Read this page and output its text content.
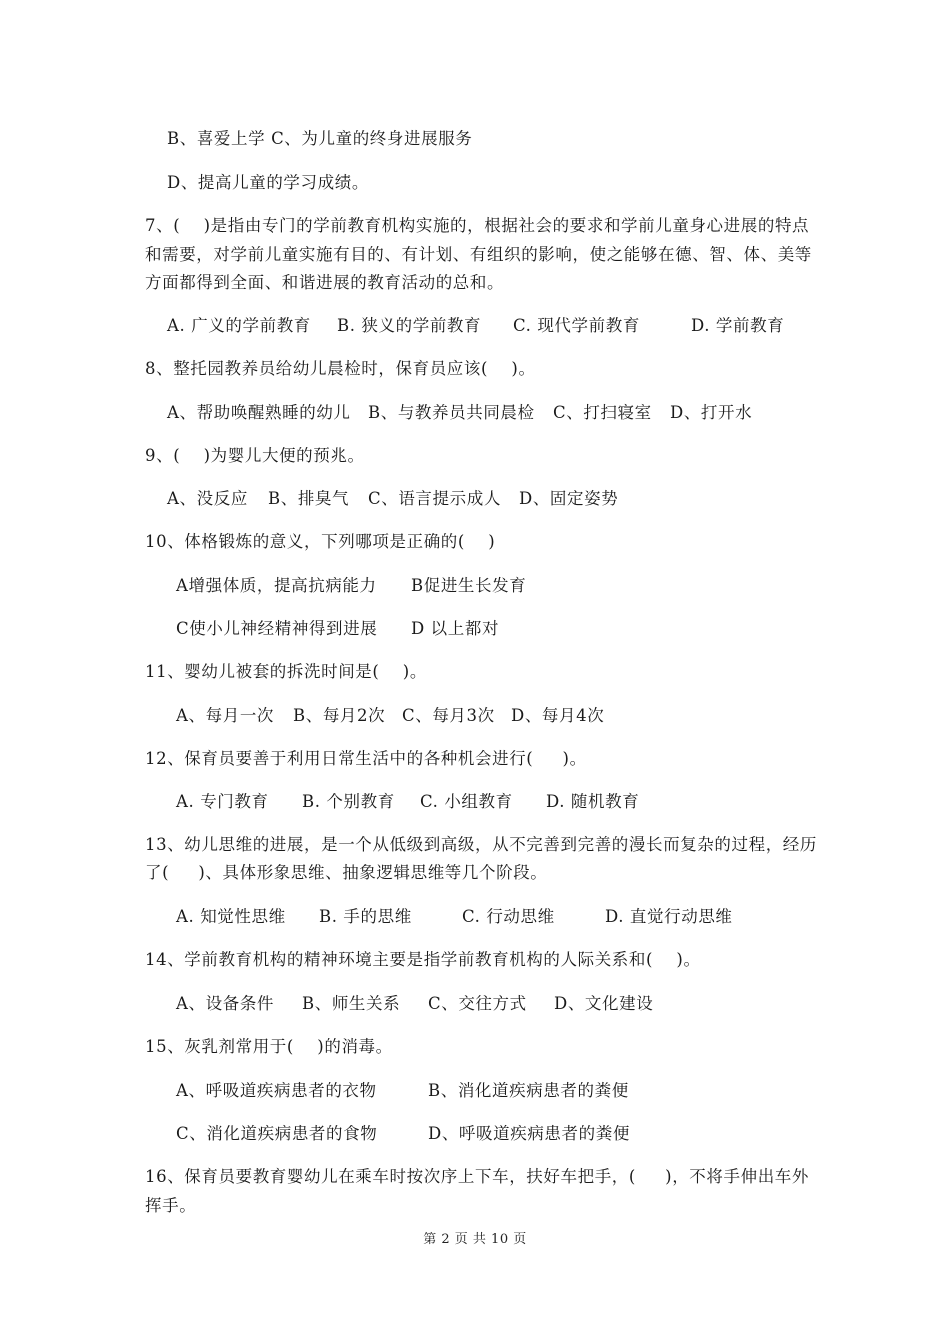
B、喜爱上学 C、为儿童的终身进展服务
D、提高儿童的学习成绩。
7、(    )是指由专门的学前教育机构实施的，根据社会的要求和学前儿童身心进展的特点
和需要，对学前儿童实施有目的、有计划、有组织的影响，使之能够在德、智、体、美等
方面都得到全面、和谐进展的教育活动的总和。
A. 广义的学前教育	B. 狭义的学前教育	C. 现代学前教育	D. 学前教育
8、整托园教养员给幼儿晨检时，保育员应该(    )。
A、帮助唤醒熟睡的幼儿	B、与教养员共同晨检	C、打扫寝室	D、打开水
9、(    )为婴儿大便的预兆。
A、没反应	B、排臭气	C、语言提示成人	D、固定姿势
10、体格锻炼的意义，下列哪项是正确的(    )
A增强体质，提高抗病能力	B促进生长发育
C使小儿神经精神得到进展	D 以上都对
11、婴幼儿被套的拆洗时间是(    )。
A、每月一次	B、每月2次	C、每月3次 D、每月4次
12、保育员要善于利用日常生活中的各种机会进行(     )。
A. 专门教育	B. 个别教育	C. 小组教育	D. 随机教育
13、幼儿思维的进展，是一个从低级到高级，从不完善到完善的漫长而复杂的过程，经历
了(     )、具体形象思维、抽象逻辑思维等几个阶段。
A. 知觉性思维	B. 手的思维	C. 行动思维	D. 直觉行动思维
14、学前教育机构的精神环境主要是指学前教育机构的人际关系和(    )。
A、设备条件	B、师生关系	C、交往方式	D、文化建设
15、灰乳剂常用于(    )的消毒。
A、呼吸道疾病患者的衣物	B、消化道疾病患者的粪便
C、消化道疾病患者的食物	D、呼吸道疾病患者的粪便
16、保育员要教育婴幼儿在乘车时按次序上下车，扶好车把手，(     )，不将手伸出车外
挥手。
第 2 页 共 10 页
